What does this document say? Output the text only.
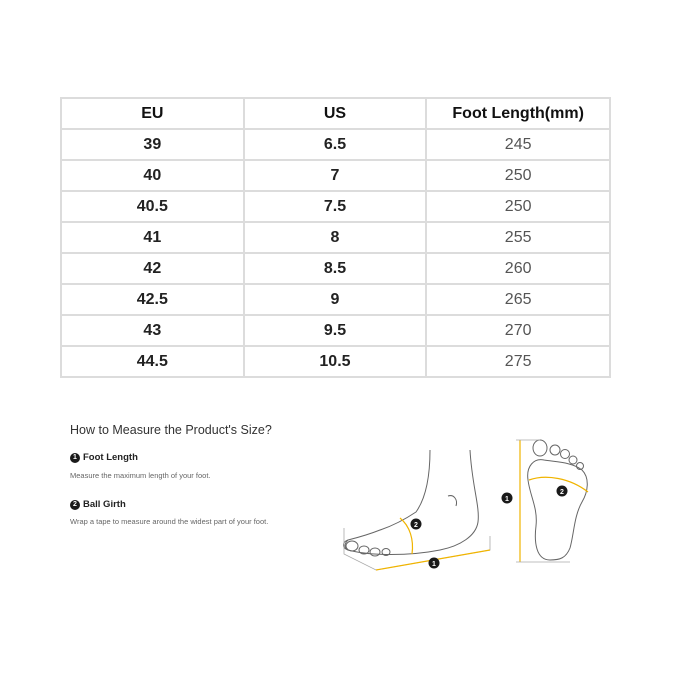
EU	US	Foot Length(mm)
39	6.5	245
40	7	250
40.5	7.5	250
41	8	255
42	8.5	260
42.5	9	265
43	9.5	270
44.5	10.5	275
How to Measure the Product's Size?
1 Foot Length
Measure the maximum length of your foot.
2 Ball Girth
Wrap a tape to measure around the widest part of your foot.	2
1
1
2
